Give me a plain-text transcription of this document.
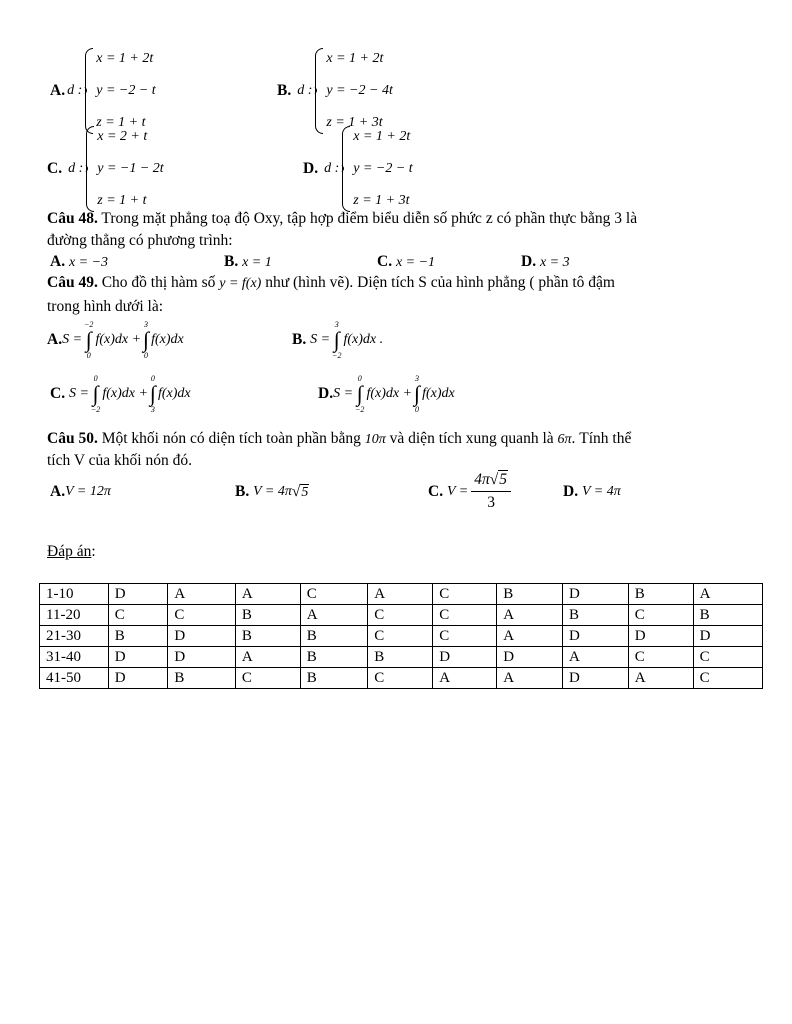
A. d :
x = 1 + 2t
y = −2 − t
z = 1 + t
B. d :
x = 1 + 2t
y = −2 − 4t
z = 1 + 3t
C. d :
x = 2 + t
y = −1 − 2t
z = 1 + t
D. d :
x = 1 + 2t
y = −2 − t
z = 1 + 3t
Câu 48. Trong mặt phẳng toạ độ Oxy, tập hợp điểm biểu diễn số phức z có phần thực bằng 3 là
đường thẳng có phương trình:
A. x = −3	B. x = 1	C. x = −1	D. x = 3
Câu 49. Cho đồ thị hàm số y = f(x) như (hình vẽ). Diện tích S của hình phẳng ( phần tô đậm
trong hình dưới là:
A. S =
−2
∫
0
f(x)dx +
3
∫
0
f(x)dx	B.
S =
3
∫
−2
f(x)dx .
C.
S =
0
∫
−2
f(x)dx +
0
∫
3
f(x)dx	D. S =
0
∫
−2
f(x)dx +
3
∫
0
f(x)dx
Câu 50. Một khối nón có diện tích toàn phần bằng 10π và diện tích xung quanh là 6π. Tính thể
tích V của khối nón đó.
A. V = 12π	B.
V = 4π √ 5	C.
$V = \frac{4\pi√5}{3}$	D.
V = 4π
Đáp án:
1-10	D	A	A	C	A	C	B	D	B	A
11-20	C	C	B	A	C	C	A	B	C	B
21-30	B	D	B	B	C	C	A	D	D	D
31-40	D	D	A	B	B	D	D	A	C	C
41-50	D	B	C	B	C	A	A	D	A	C
